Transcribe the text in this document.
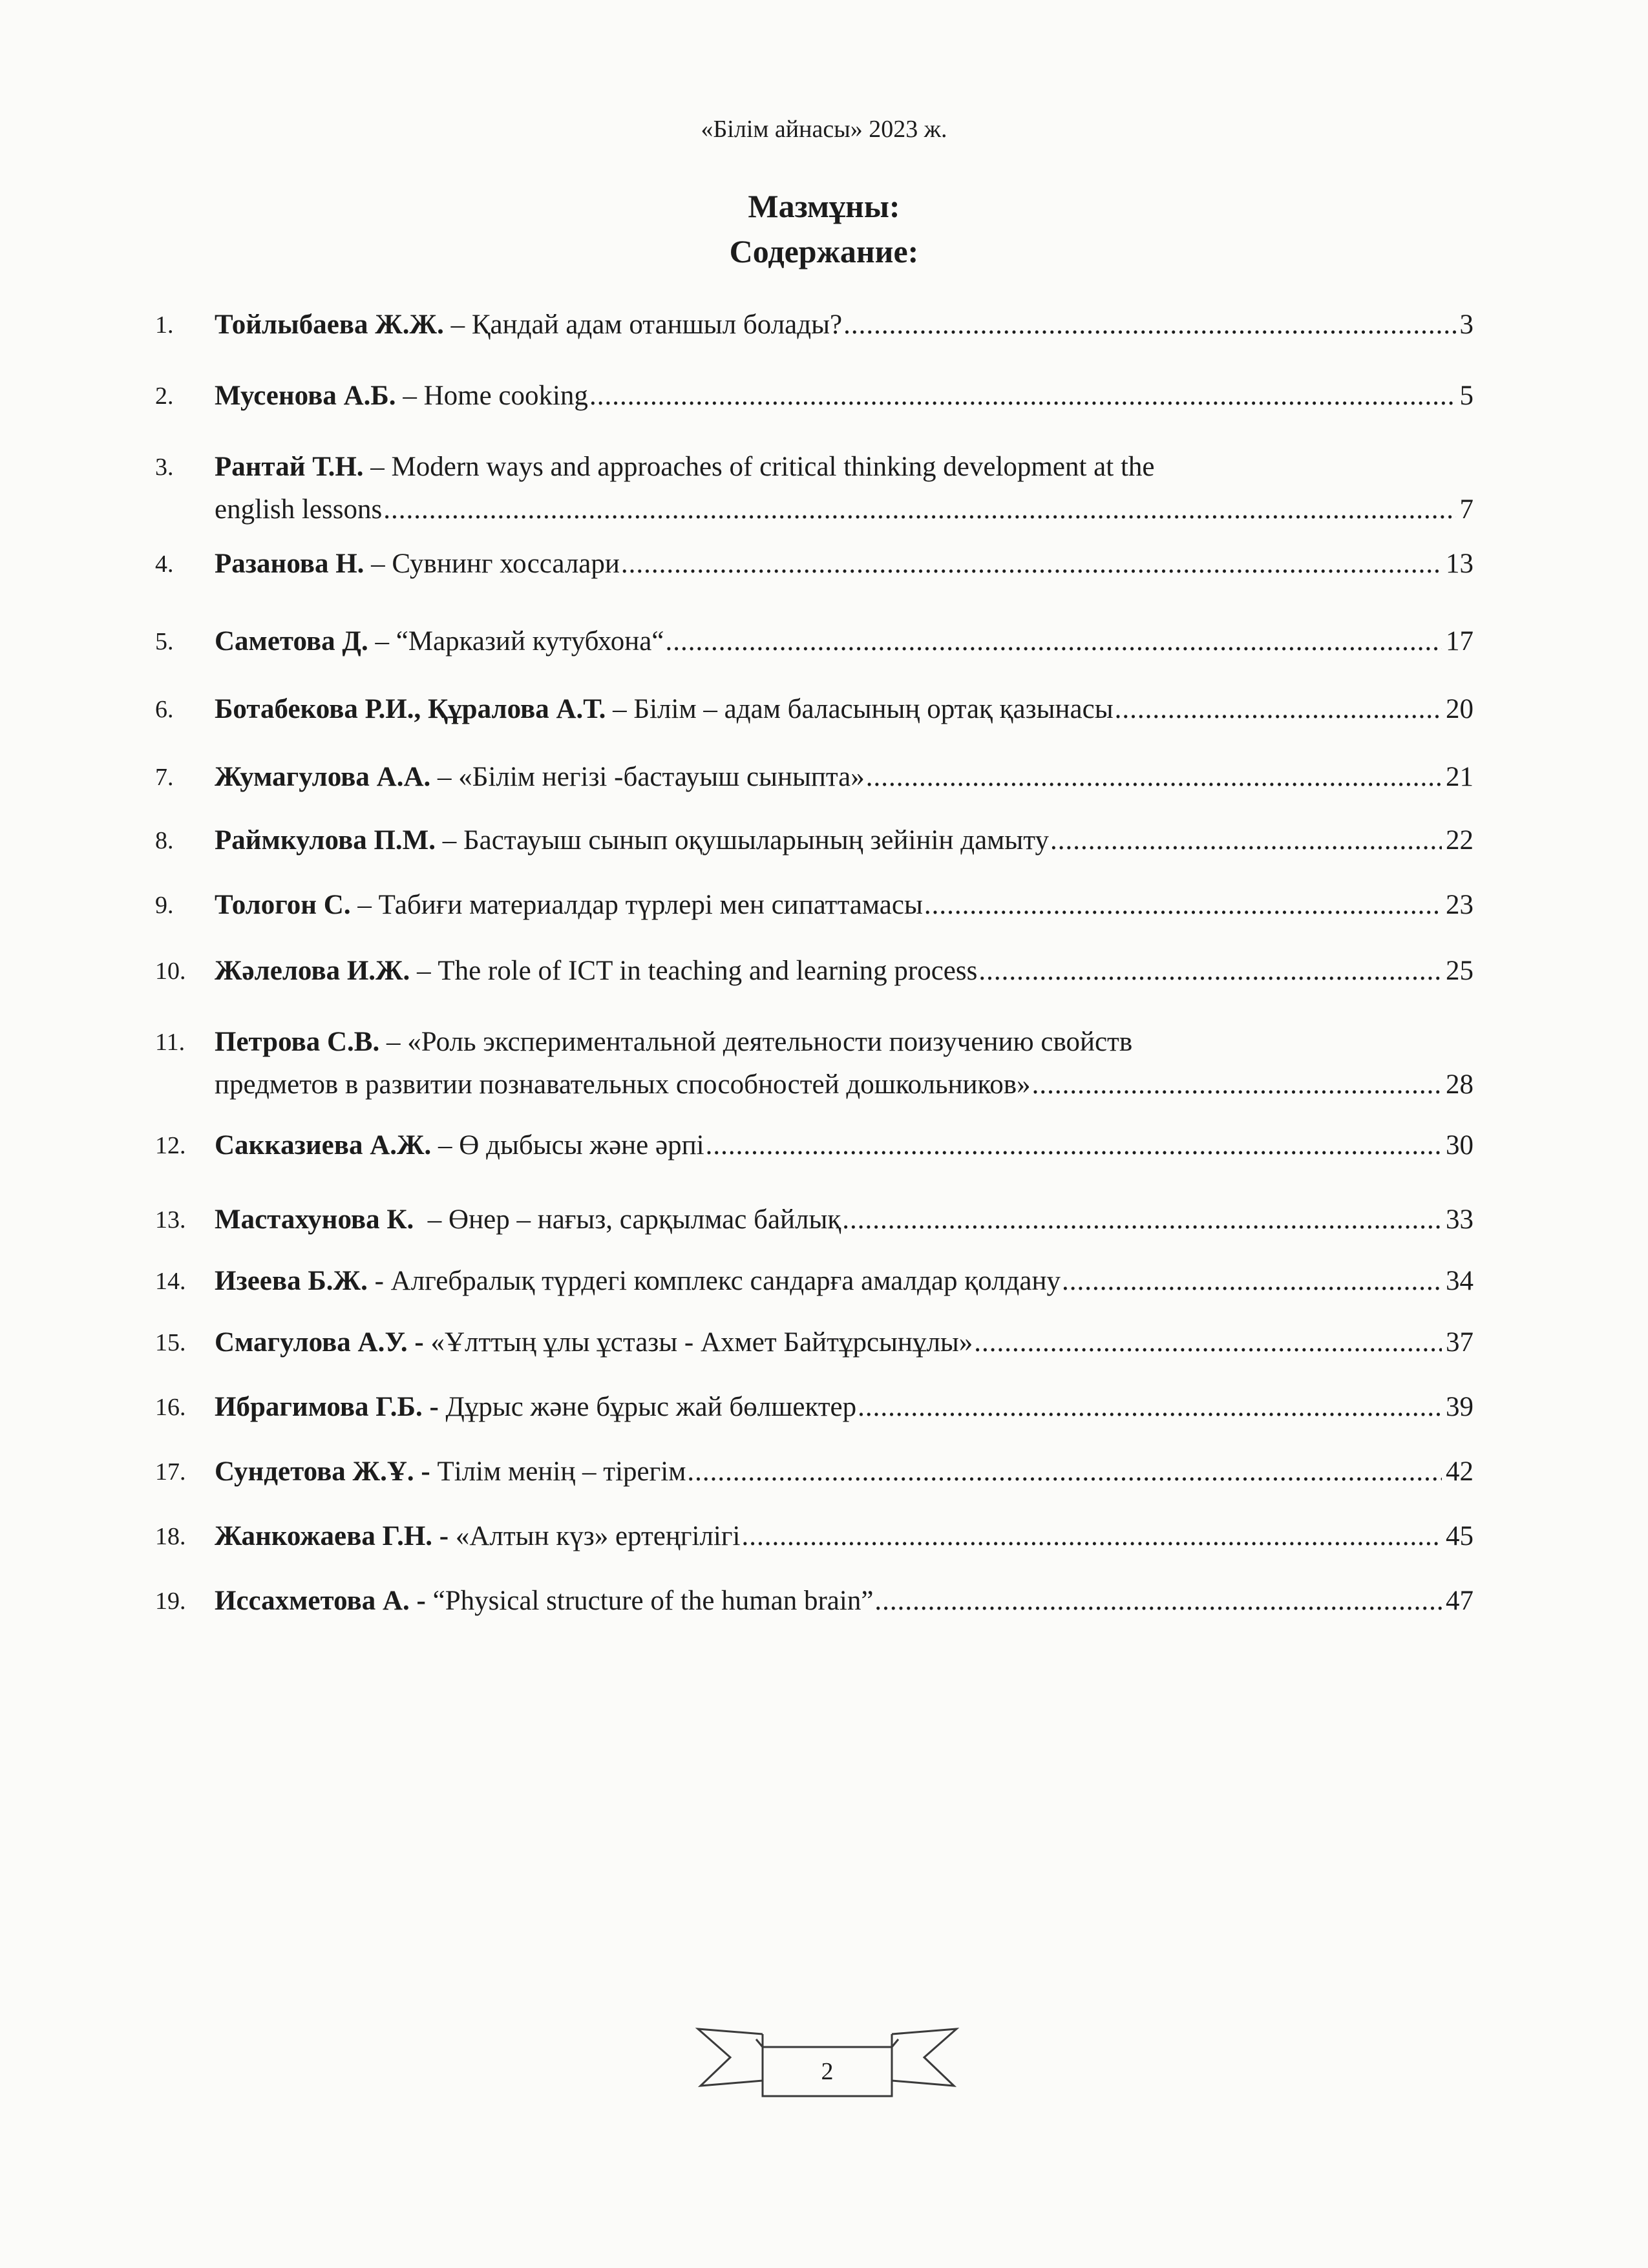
«Білім айнасы» 2023 ж.
Мазмұны:
Содержание:
1.	Тойлыбаева Ж.Ж. – Қандай адам отаншыл болады? .....	3
2.	Мусенова А.Б. – Home cooking .....	5
3.	Рантай Т.Н. – Modern ways and approaches of critical thinking development at the
english lessons .....	7
4.	Разанова Н. – Сувнинг хоссалари .....	13
5.	Саметова Д. – “Марказий кутубхона“ .....	17
6.	Ботабекова Р.И., Құралова А.Т. – Білім – адам баласының ортақ қазынасы .....	20
7.	Жумагулова А.А. – «Білім негізі -бастауыш сыныпта» .....	21
8.	Раймкулова П.М. – Бастауыш сынып оқушыларының зейінін дамыту .....	22
9.	Тологон С. – Табиғи материалдар түрлері мен сипаттамасы .....	23
10.	Жәлелова И.Ж. – The role of ICT in teaching and learning process .....	25
11.	Петрова С.В. – «Роль экспериментальной деятельности поизучению свойств
предметов в развитии познавательных способностей дошкольников» .....	28
12.	Саккaзиева А.Ж. – Ө дыбысы және әрпі .....	30
13.	Мастахунова К. – Өнер – нағыз, сарқылмас байлық .....	33
14.	Изеева Б.Ж. - Алгебралық түрдегі комплекс сандарға амалдар қолдану .....	34
15.	Смагулова А.У. -
«Ұлттың ұлы ұстазы - Ахмет Байтұрсынұлы» .....	37
16.	Ибрагимова Г.Б. -
Дұрыс және бұрыс жай бөлшектер .....	39
17.	Сундетова Ж.Ұ. -
Тілім менің – тірегім .....	42
18.	Жанкожаева Г.Н. -
«Алтын күз» ертеңгілігі .....	45
19.	Иссахметова А. -
“Physical structure of the human brain” .....	47
2
